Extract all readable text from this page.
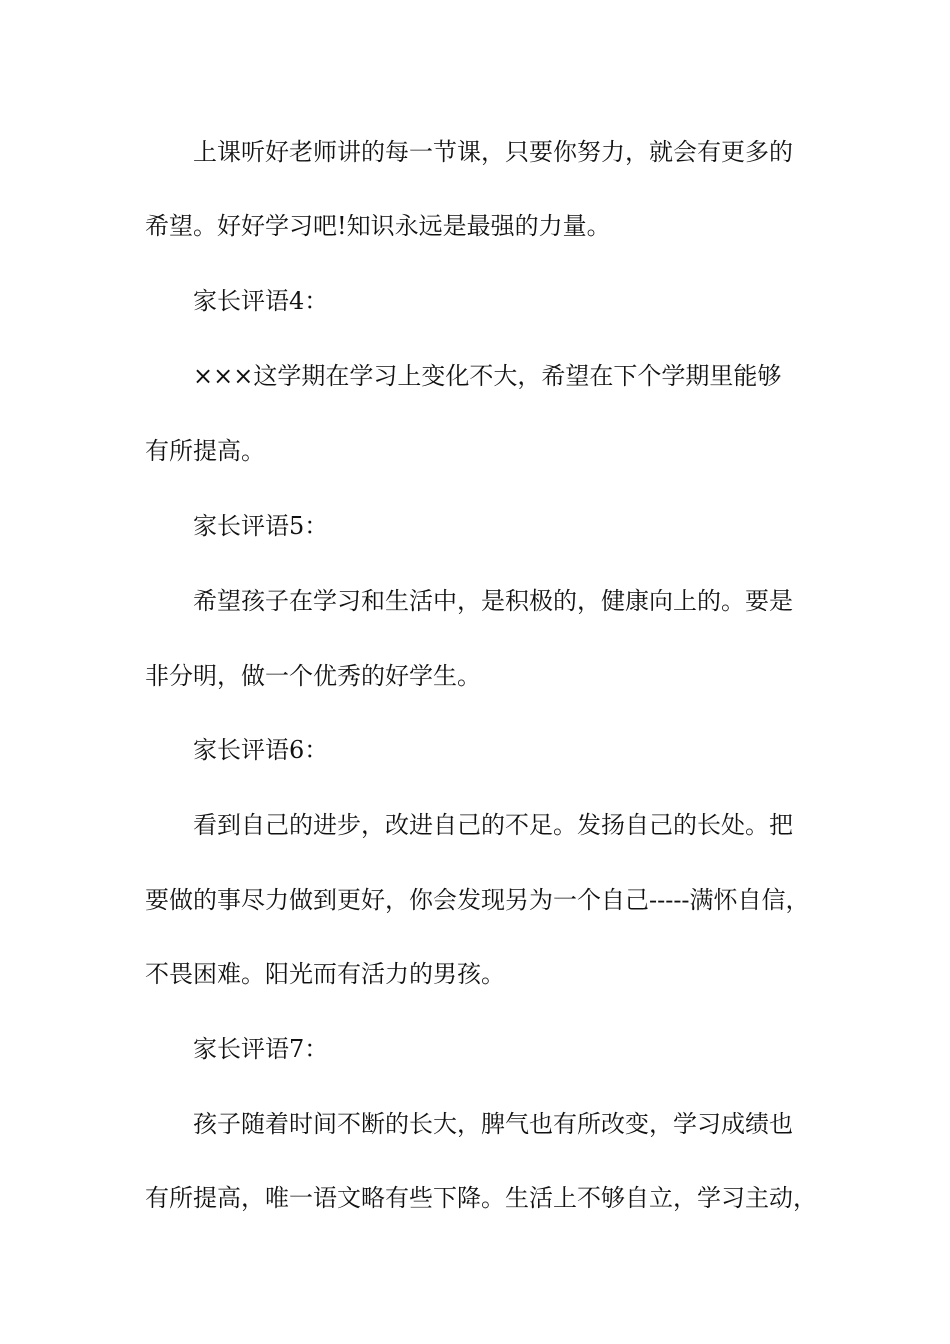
上课听好老师讲的每一节课，只要你努力，就会有更多的
希望。好好学习吧!知识永远是最强的力量。
家长评语4：
×××这学期在学习上变化不大，希望在下个学期里能够
有所提高。
家长评语5：
希望孩子在学习和生活中，是积极的，健康向上的。要是
非分明，做一个优秀的好学生。
家长评语6：
看到自己的进步，改进自己的不足。发扬自己的长处。把
要做的事尽力做到更好，你会发现另为一个自己-----满怀自信，
不畏困难。阳光而有活力的男孩。
家长评语7：
孩子随着时间不断的长大，脾气也有所改变，学习成绩也
有所提高，唯一语文略有些下降。生活上不够自立，学习主动，
